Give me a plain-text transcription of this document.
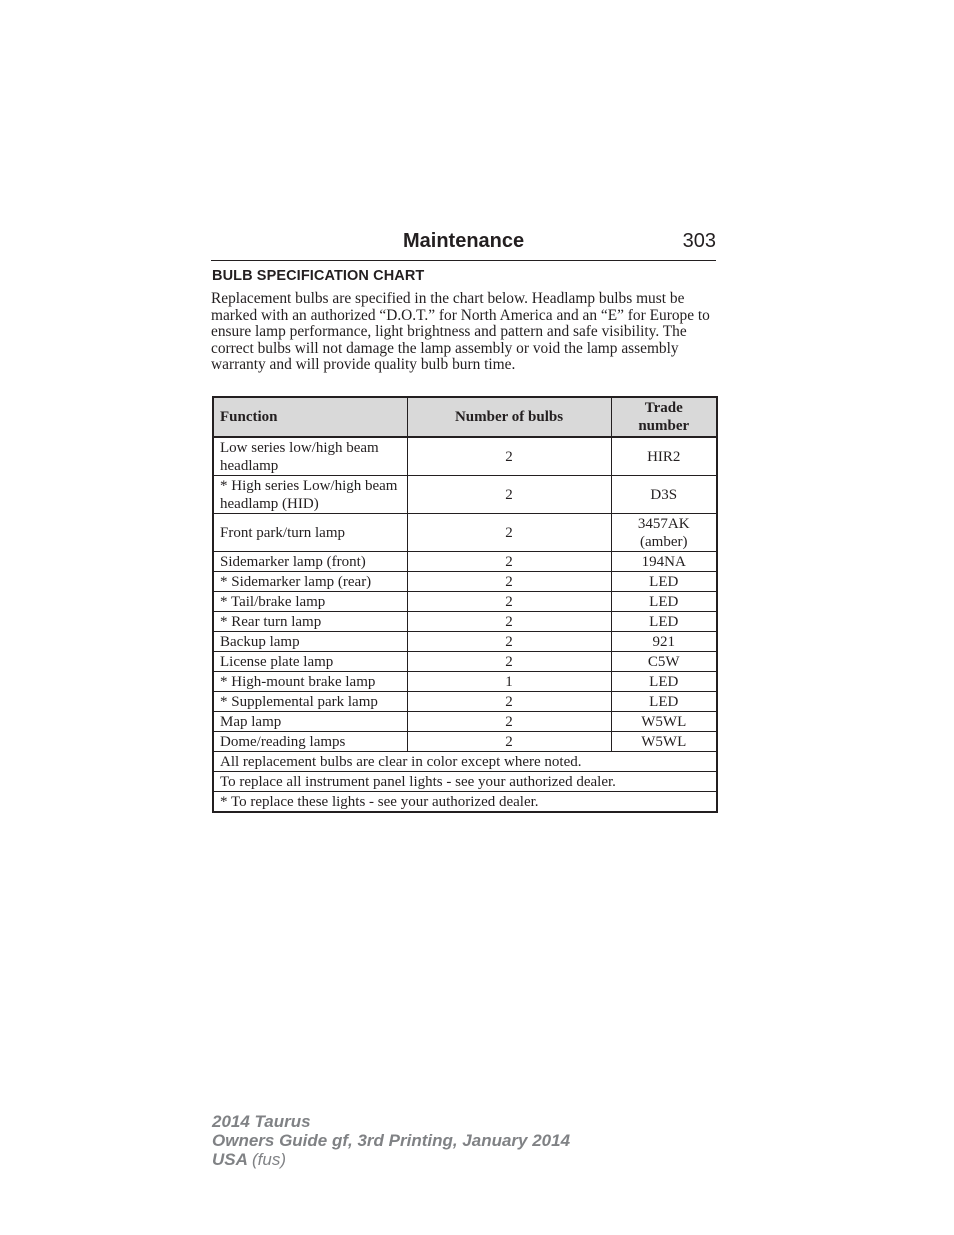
Maintenance	303
BULB SPECIFICATION CHART

Replacement bulbs are specified in the chart below. Headlamp bulbs must be marked with an authorized “D.O.T.” for North America and an “E” for Europe to ensure lamp performance, light brightness and pattern and safe visibility. The correct bulbs will not damage the lamp assembly or void the lamp assembly warranty and will provide quality bulb burn time.

Function	Number of bulbs	Trade number
Low series low/high beam headlamp	2	HIR2
* High series Low/high beam headlamp (HID)	2	D3S
Front park/turn lamp	2	3457AK (amber)
Sidemarker lamp (front)	2	194NA
* Sidemarker lamp (rear)	2	LED
* Tail/brake lamp	2	LED
* Rear turn lamp	2	LED
Backup lamp	2	921
License plate lamp	2	C5W
* High-mount brake lamp	1	LED
* Supplemental park lamp	2	LED
Map lamp	2	W5WL
Dome/reading lamps	2	W5WL
All replacement bulbs are clear in color except where noted.		
To replace all instrument panel lights - see your authorized dealer.		
* To replace these lights - see your authorized dealer.		
2014 Taurus
Owners Guide gf, 3rd Printing, January 2014
USA (fus)
